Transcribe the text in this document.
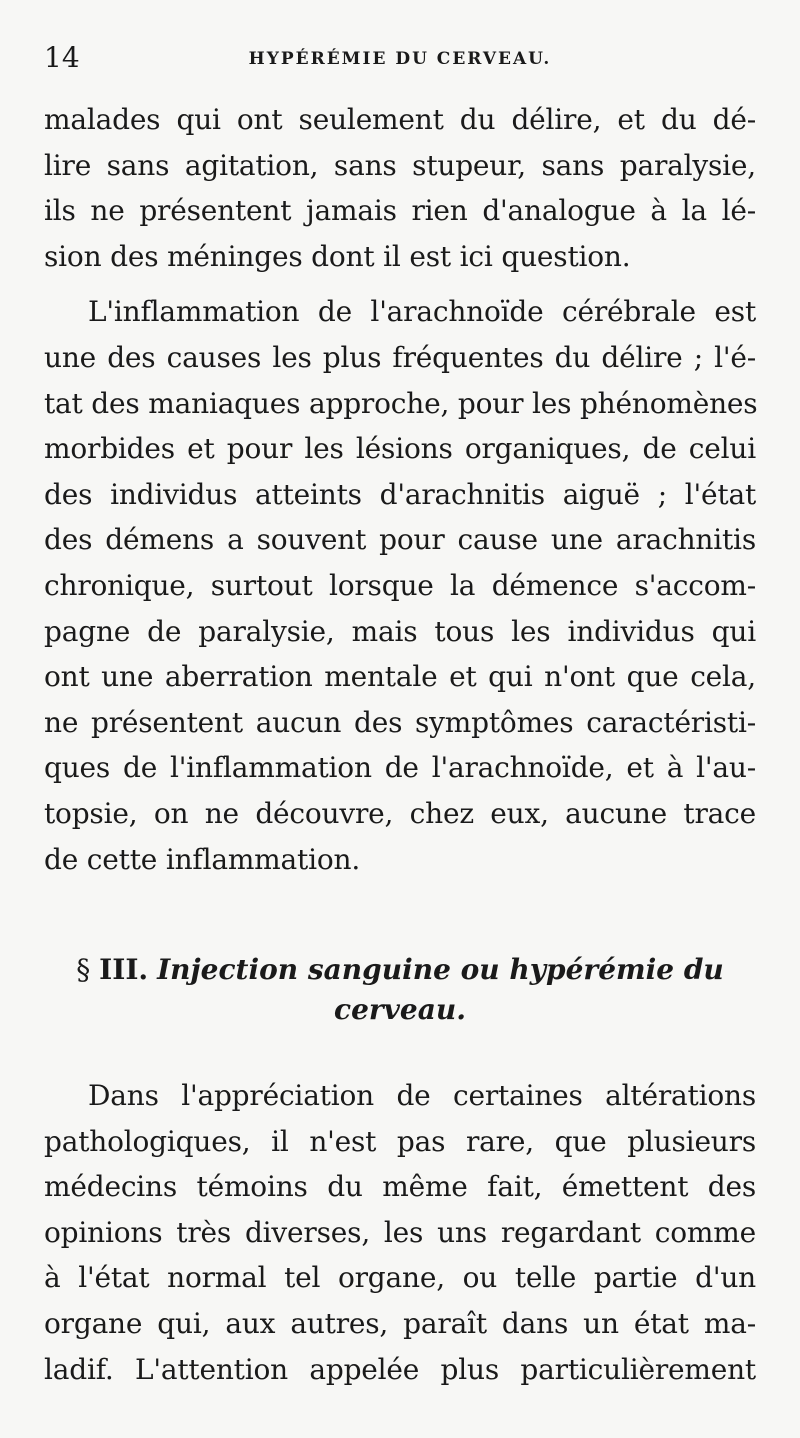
14	HYPÉRÉMIE DU CERVEAU.
malades qui ont seulement du délire, et du dé-
lire sans agitation, sans stupeur, sans paralysie,
ils ne présentent jamais rien d'analogue à la lé-
sion des méninges dont il est ici question.
L'inflammation de l'arachnoïde cérébrale est
une des causes les plus fréquentes du délire ; l'é-
tat des maniaques approche, pour les phénomènes
morbides et pour les lésions organiques, de celui
des individus atteints d'arachnitis aiguë ; l'état
des démens a souvent pour cause une arachnitis
chronique, surtout lorsque la démence s'accom-
pagne de paralysie, mais tous les individus qui
ont une aberration mentale et qui n'ont que cela,
ne présentent aucun des symptômes caractéristi-
ques de l'inflammation de l'arachnoïde, et à l'au-
topsie, on ne découvre, chez eux, aucune trace
de cette inflammation.
§ III. Injection sanguine ou hypérémie du
cerveau.
Dans l'appréciation de certaines altérations
pathologiques, il n'est pas rare, que plusieurs
médecins témoins du même fait, émettent des
opinions très diverses, les uns regardant comme
à l'état normal tel organe, ou telle partie d'un
organe qui, aux autres, paraît dans un état ma-
ladif. L'attention appelée plus particulièrement
